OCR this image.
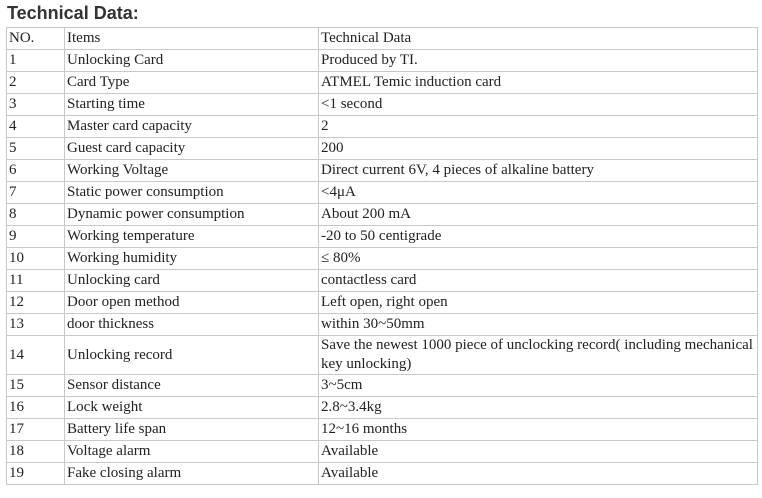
Technical Data:
NO.	Items	Technical Data
1	Unlocking Card	Produced by TI.
2	Card Type	ATMEL Temic induction card
3	Starting time	<1 second
4	Master card capacity	2
5	Guest card capacity	200
6	Working Voltage	Direct current 6V, 4 pieces of alkaline battery
7	Static power consumption	<4μA
8	Dynamic power consumption	About 200 mA
9	Working temperature	-20 to 50 centigrade
10	Working humidity	≤ 80%
11	Unlocking card	contactless card
12	Door open method	Left open, right open
13	door thickness	within 30~50mm
14	Unlocking record	Save the newest 1000 piece of unclocking record( including mechanical key unlocking)
15	Sensor distance	3~5cm
16	Lock weight	2.8~3.4kg
17	Battery life span	12~16 months
18	Voltage alarm	Available
19	Fake closing alarm	Available
